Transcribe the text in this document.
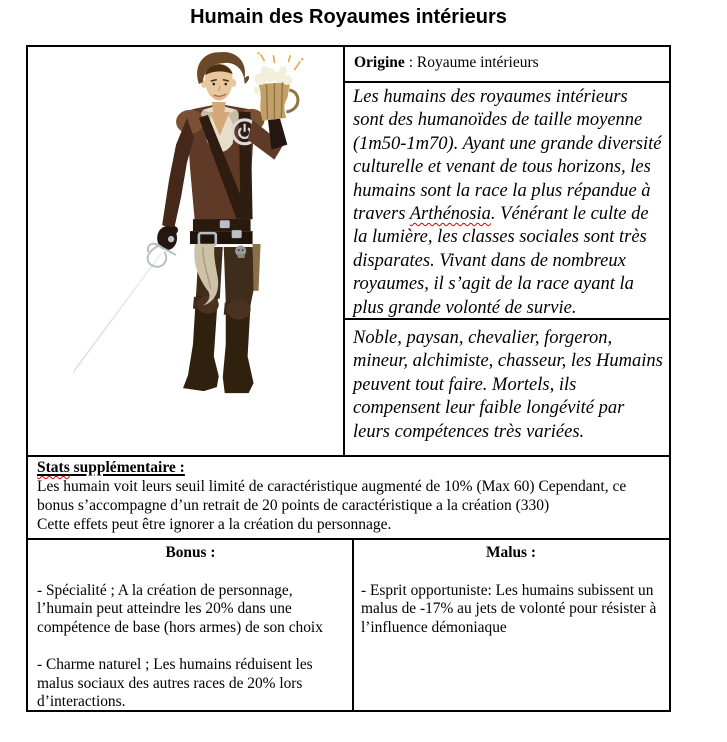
Humain des Royaumes intérieurs
Origine : Royaume intérieurs
Les humains des royaumes intérieurs sont des humanoïdes de taille moyenne (1m50-1m70). Ayant une grande diversité culturelle et venant de tous horizons, les humains sont la race la plus répandue à travers Arthénosia. Vénérant le culte de la lumière, les classes sociales sont très disparates. Vivant dans de nombreux royaumes, il s’agit de la race ayant la plus grande volonté de survie.
Noble, paysan, chevalier, forgeron, mineur, alchimiste, chasseur, les Humains peuvent tout faire. Mortels, ils compensent leur faible longévité par leurs compétences très variées.
Stats supplémentaire :
Les humain voit leurs seuil limité de caractéristique augmenté de 10% (Max 60) Cependant, ce bonus s’accompagne d’un retrait de 20 points de caractéristique a la création (330)
Cette effets peut être ignorer a la création du personnage.
Bonus :

- Spécialité ; A la création de personnage, l’humain peut atteindre les 20% dans une compétence de base (hors armes) de son choix

- Charme naturel ; Les humains réduisent les malus sociaux des autres races de 20% lors d’interactions.

Malus :

- Esprit opportuniste: Les humains subissent un malus de -17% au jets de volonté pour résister à l’influence démoniaque
